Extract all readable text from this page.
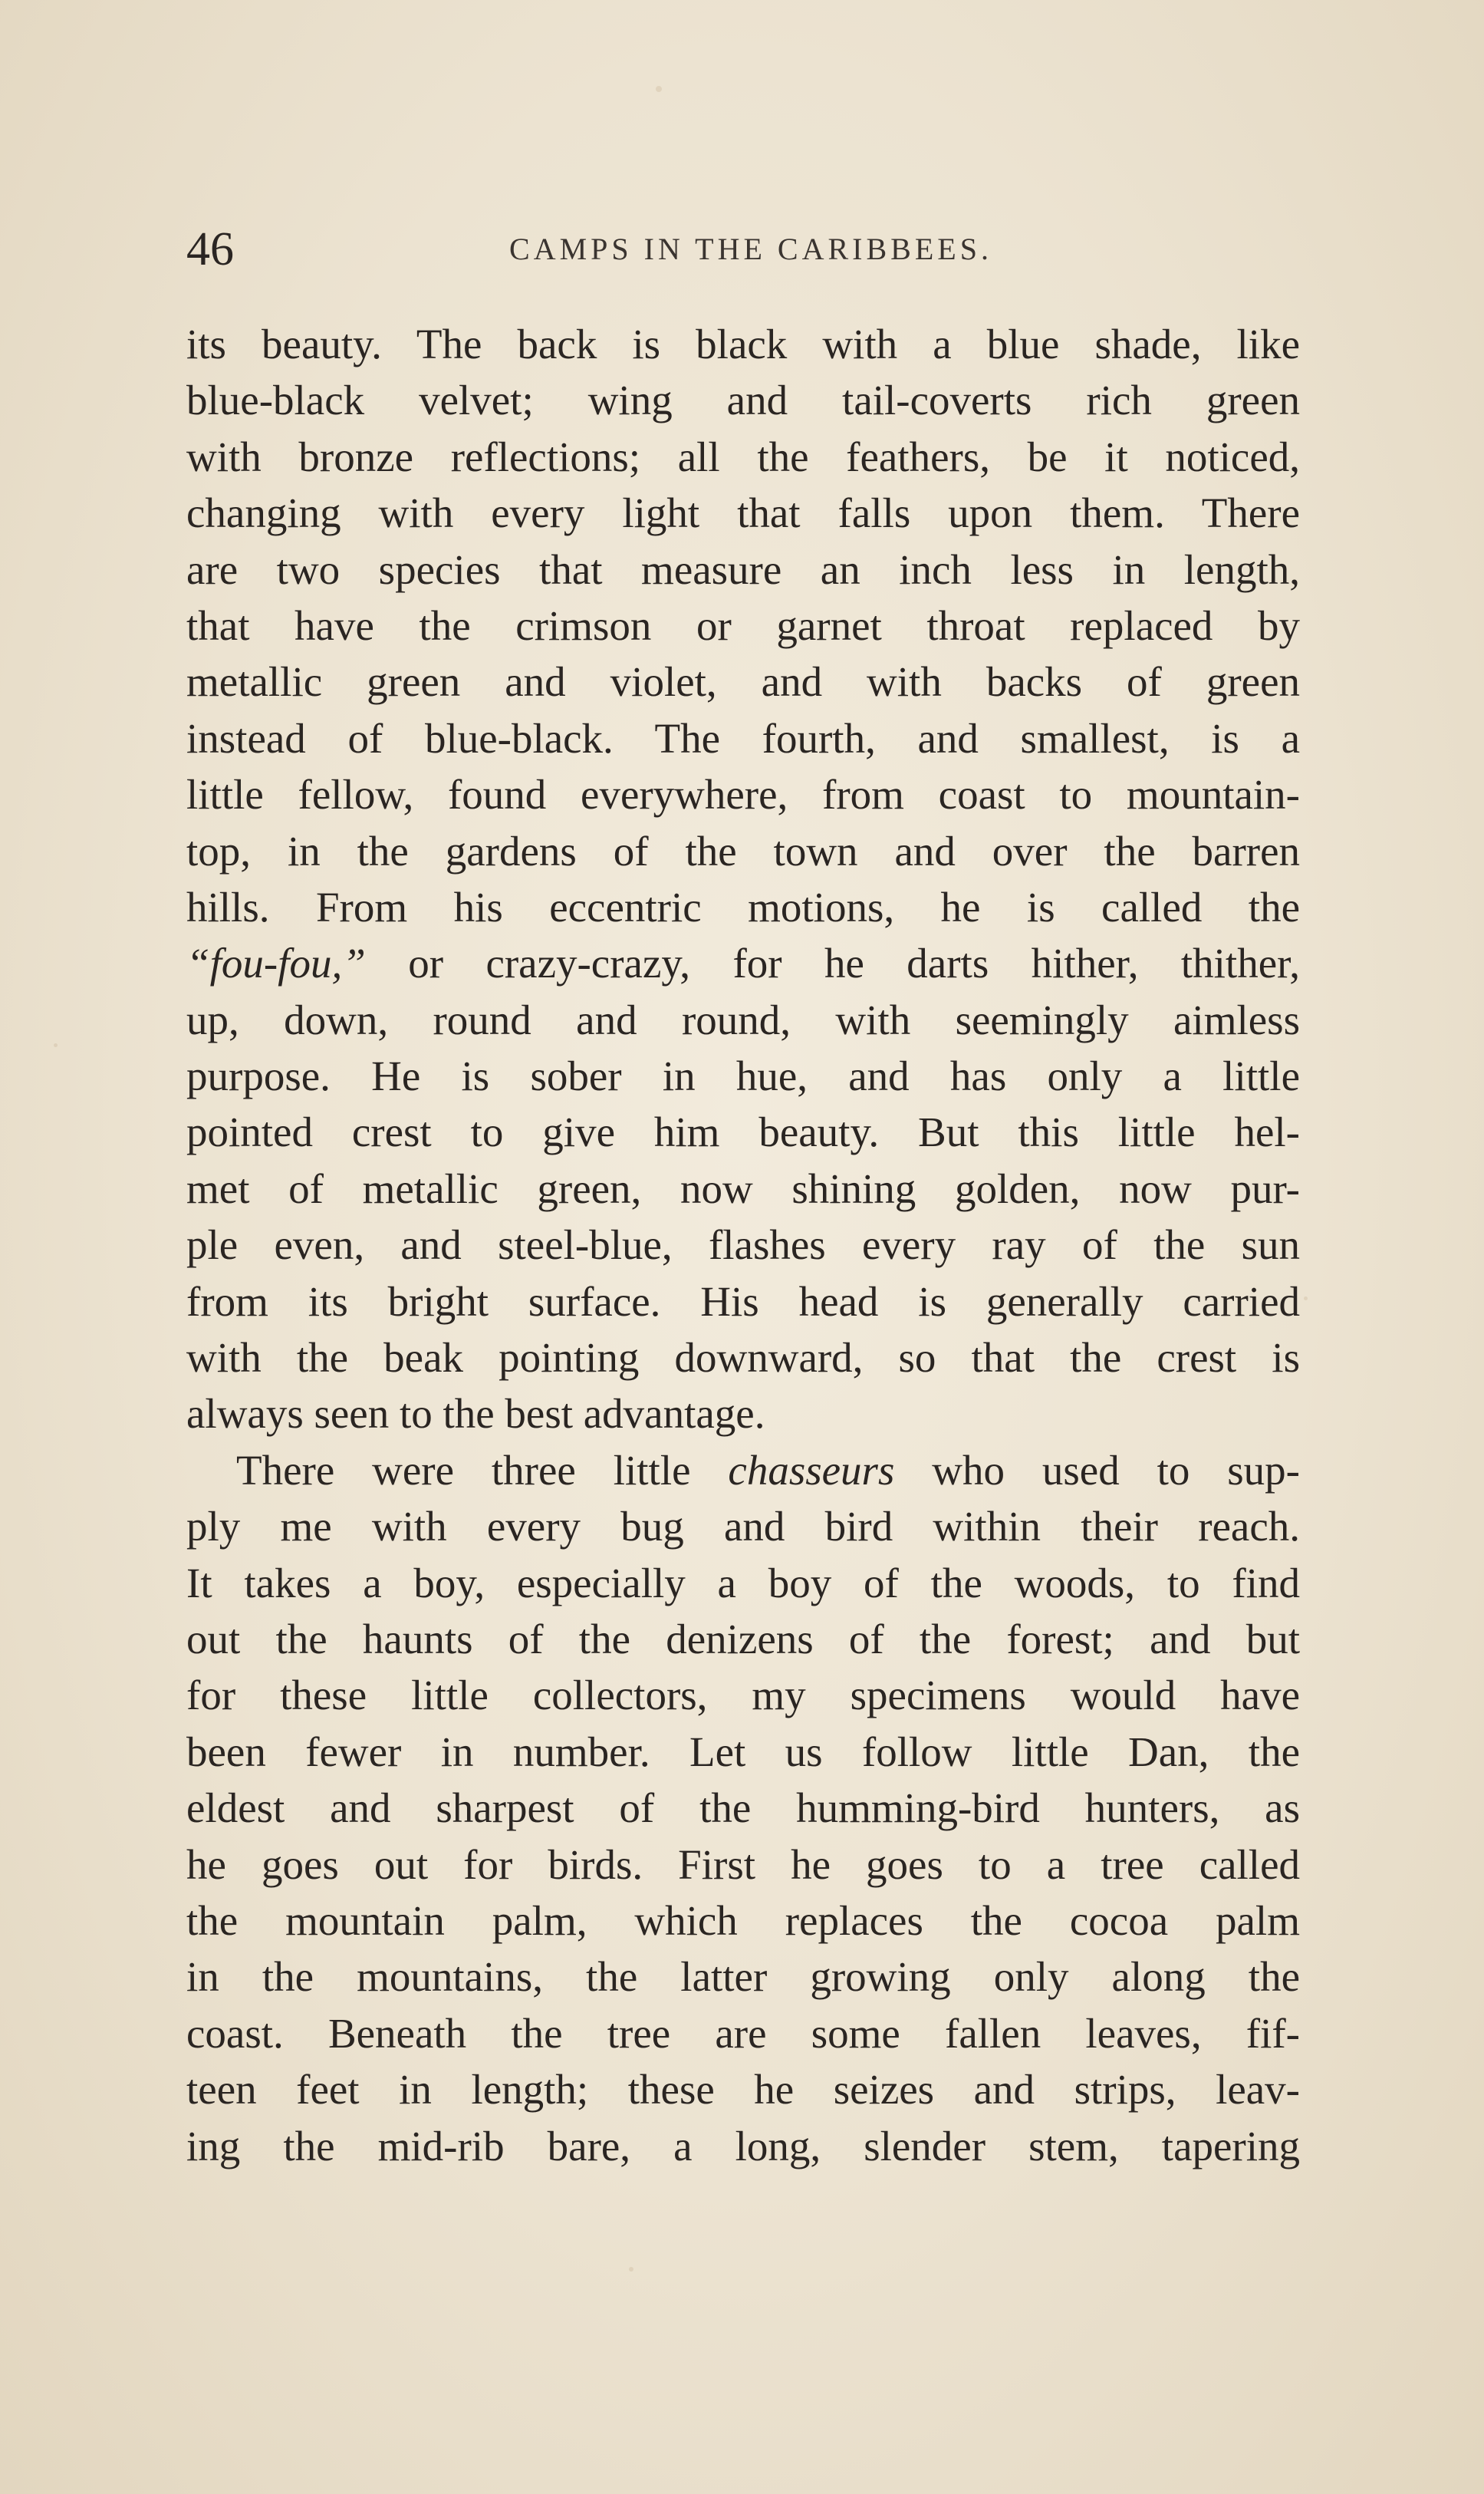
46	CAMPS IN THE CARIBBEES.
its beauty. The back is black with a blue shade, like
blue-black velvet; wing and tail-coverts rich green
with bronze reflections; all the feathers, be it noticed,
changing with every light that falls upon them. There
are two species that measure an inch less in length,
that have the crimson or garnet throat replaced by
metallic green and violet, and with backs of green
instead of blue-black. The fourth, and smallest, is a
little fellow, found everywhere, from coast to mountain-
top, in the gardens of the town and over the barren
hills. From his eccentric motions, he is called the
“fou-fou,” or crazy-crazy, for he darts hither, thither,
up, down, round and round, with seemingly aimless
purpose. He is sober in hue, and has only a little
pointed crest to give him beauty. But this little hel-
met of metallic green, now shining golden, now pur-
ple even, and steel-blue, flashes every ray of the sun
from its bright surface. His head is generally carried
with the beak pointing downward, so that the crest is
always seen to the best advantage.
There were three little chasseurs who used to sup-
ply me with every bug and bird within their reach.
It takes a boy, especially a boy of the woods, to find
out the haunts of the denizens of the forest; and but
for these little collectors, my specimens would have
been fewer in number. Let us follow little Dan, the
eldest and sharpest of the humming-bird hunters, as
he goes out for birds. First he goes to a tree called
the mountain palm, which replaces the cocoa palm
in the mountains, the latter growing only along the
coast. Beneath the tree are some fallen leaves, fif-
teen feet in length; these he seizes and strips, leav-
ing the mid-rib bare, a long, slender stem, tapering
